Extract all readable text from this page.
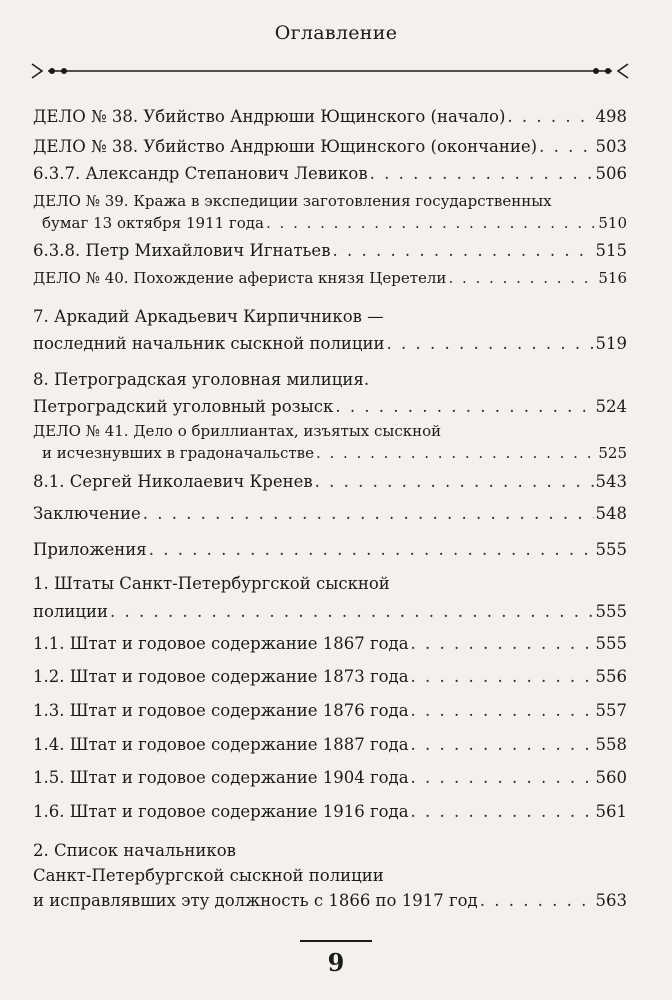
Оглавление
ДЕЛО № 38. Убийство Андрюши Ющинского (начало) . . .	498
ДЕЛО № 38. Убийство Андрюши Ющинского (окончание) . . .	503
6.3.7. Александр Степанович Левиков . . .	506
ДЕЛО № 39. Кража в экспедиции заготовления государственных
бумаг 13 октября 1911 года . . .	510
6.3.8. Петр Михайлович Игнатьев . . .	515
ДЕЛО № 40. Похождение афериста князя Церетели . . .	516
7. Аркадий Аркадьевич Кирпичников —
последний начальник сыскной полиции . . .	519
8. Петроградская уголовная милиция.
Петроградский уголовный розыск . . .	524
ДЕЛО № 41. Дело о бриллиантах, изъятых сыскной
и исчезнувших в градоначальстве . . .	525
8.1. Сергей Николаевич Кренев . . .	543
Заключение . . .	548
Приложения . . .	555
1. Штаты Санкт-Петербургской сыскной
полиции . . .	555
1.1. Штат и годовое содержание 1867 года . . .	555
1.2. Штат и годовое содержание 1873 года . . .	556
1.3. Штат и годовое содержание 1876 года . . .	557
1.4. Штат и годовое содержание 1887 года . . .	558
1.5. Штат и годовое содержание 1904 года . . .	560
1.6. Штат и годовое содержание 1916 года . . .	561
2. Список начальников
Санкт-Петербургской сыскной полиции
и исправлявших эту должность с 1866 по 1917 год . . .	563
9
